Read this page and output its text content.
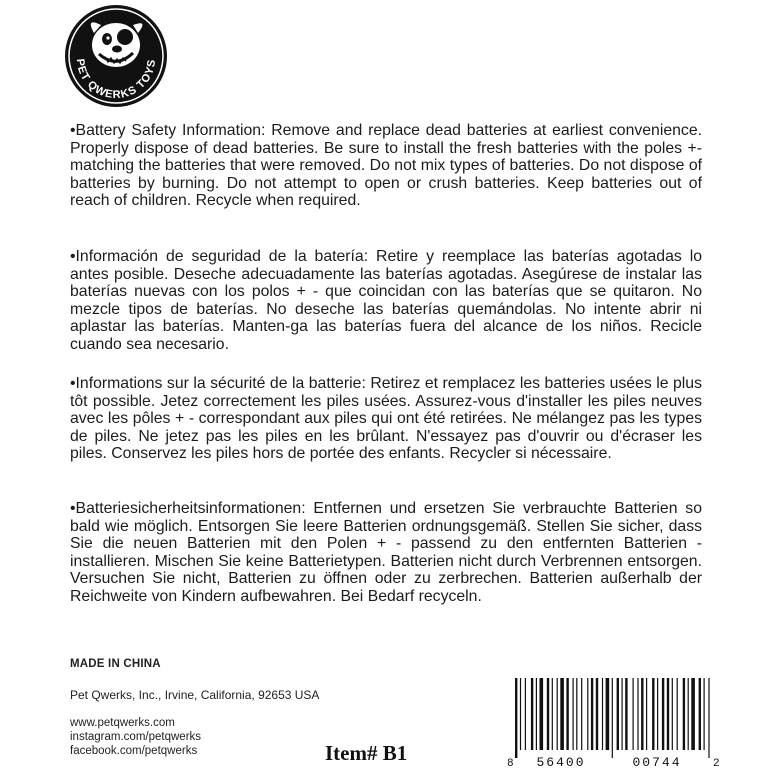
PET QWERKS TOYS

•Battery Safety Information: Remove and replace dead batteries at earliest convenience. Properly dispose of dead batteries. Be sure to install the fresh batteries with the poles +- matching the batteries that were removed. Do not mix types of batteries. Do not dispose of batteries by burning. Do not attempt to open or crush batteries. Keep batteries out of reach of children. Recycle when required.

•Información de seguridad de la batería: Retire y reemplace las baterías agotadas lo antes posible. Deseche adecuadamente las baterías agotadas. Asegúrese de instalar las baterías nuevas con los polos + - que coincidan con las baterías que se quitaron. No mezcle tipos de baterías. No deseche las baterías quemándolas. No intente abrir ni aplastar las baterías. Manten-ga las baterías fuera del alcance de los niños. Recicle cuando sea necesario.

•Informations sur la sécurité de la batterie: Retirez et remplacez les batteries usées le plus tôt possible. Jetez correctement les piles usées. Assurez-vous d'installer les piles neuves avec les pôles + - correspondant aux piles qui ont été retirées. Ne mélangez pas les types de piles. Ne jetez pas les piles en les brûlant. N'essayez pas d'ouvrir ou d'écraser les piles. Conservez les piles hors de portée des enfants. Recycler si nécessaire.

•Batteriesicherheitsinformationen: Entfernen und ersetzen Sie verbrauchte Batterien so bald wie möglich. Entsorgen Sie leere Batterien ordnungsgemäß. Stellen Sie sicher, dass Sie die neuen Batterien mit den Polen + - passend zu den entfernten Batterien - installieren. Mischen Sie keine Batterietypen. Batterien nicht durch Verbrennen entsorgen. Versuchen Sie nicht, Batterien zu öffnen oder zu zerbrechen. Batterien außerhalb der Reichweite von Kindern aufbewahren. Bei Bedarf recyceln.

MADE IN CHINA

Pet Qwerks, Inc., Irvine, California, 92653 USA

www.petqwerks.com
instagram.com/petqwerks
facebook.com/petqwerks	Item# B1	8 56400	00744	2
